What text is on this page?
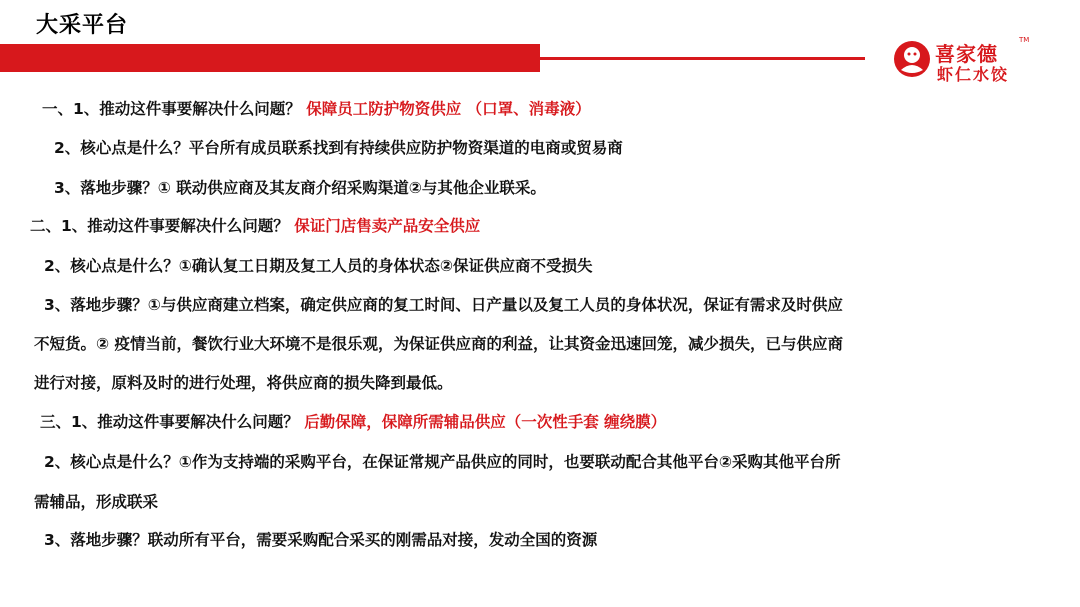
大采平台
喜家德
TM
虾仁水饺
一、1、推动这件事要解决什么问题？ 保障员工防护物资供应 （口罩、消毒液）
2、核心点是什么？平台所有成员联系找到有持续供应防护物资渠道的电商或贸易商
3、落地步骤？① 联动供应商及其友商介绍采购渠道②与其他企业联采。
二、1、推动这件事要解决什么问题？ 保证门店售卖产品安全供应
2、核心点是什么？①确认复工日期及复工人员的身体状态②保证供应商不受损失
3、落地步骤？①与供应商建立档案，确定供应商的复工时间、日产量以及复工人员的身体状况，保证有需求及时供应
不短货。② 疫情当前，餐饮行业大环境不是很乐观，为保证供应商的利益，让其资金迅速回笼，减少损失，已与供应商
进行对接，原料及时的进行处理，将供应商的损失降到最低。
三、1、推动这件事要解决什么问题？ 后勤保障，保障所需辅品供应（一次性手套 缠绕膜）
2、核心点是什么？①作为支持端的采购平台，在保证常规产品供应的同时，也要联动配合其他平台②采购其他平台所
需辅品，形成联采
3、落地步骤？联动所有平台，需要采购配合采买的刚需品对接，发动全国的资源
